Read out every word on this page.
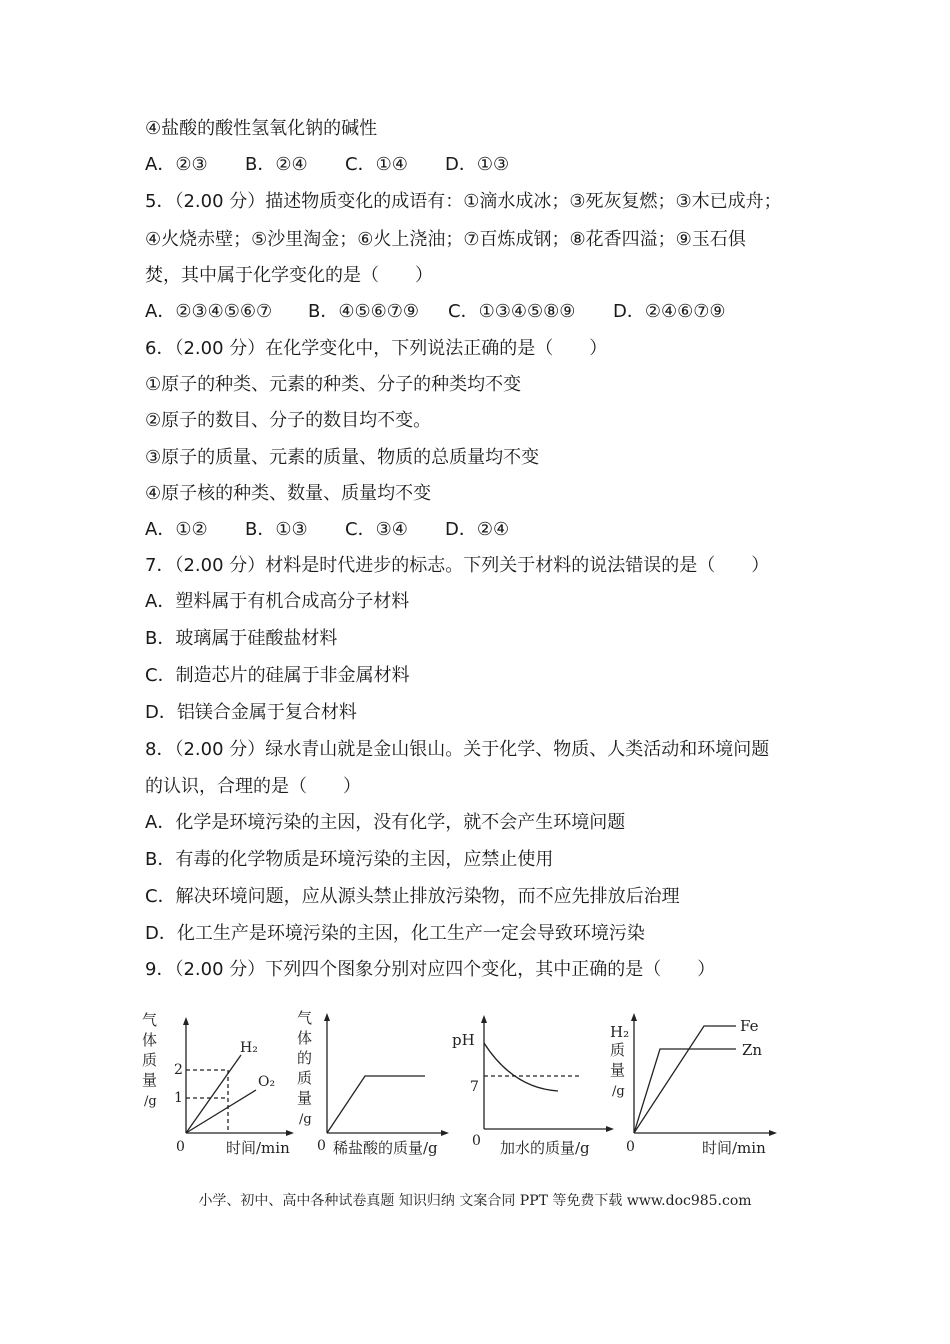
④盐酸的酸性氢氧化钠的碱性
A．②③ B．②④ C．①④ D．①③
5．（2.00 分）描述物质变化的成语有：①滴水成冰；③死灰复燃；③木已成舟；
④火烧赤壁；⑤沙里淘金；⑥火上浇油；⑦百炼成钢；⑧花香四溢；⑨玉石俱
焚，其中属于化学变化的是（　　）
A．②③④⑤⑥⑦ B．④⑤⑥⑦⑨ C．①③④⑤⑧⑨ D．②④⑥⑦⑨
6．（2.00 分）在化学变化中，下列说法正确的是（　　）
①原子的种类、元素的种类、分子的种类均不变
②原子的数目、分子的数目均不变。
③原子的质量、元素的质量、物质的总质量均不变
④原子核的种类、数量、质量均不变
A．①② B．①③ C．③④ D．②④
7．（2.00 分）材料是时代进步的标志。下列关于材料的说法错误的是（　　）
A．塑料属于有机合成高分子材料
B．玻璃属于硅酸盐材料
C．制造芯片的硅属于非金属材料
D．铝镁合金属于复合材料
8．（2.00 分）绿水青山就是金山银山。关于化学、物质、人类活动和环境问题
的认识，合理的是（　　）
A．化学是环境污染的主因，没有化学，就不会产生环境问题
B．有毒的化学物质是环境污染的主因，应禁止使用
C．解决环境问题，应从源头禁止排放污染物，而不应先排放后治理
D．化工生产是环境污染的主因，化工生产一定会导致环境污染
9．（2.00 分）下列四个图象分别对应四个变化，其中正确的是（　　）
气
体
质
量
/g
0	时间/min
2
1
H₂
O₂
气
体
的
质
量
/g
0 稀盐酸的质量/g
pH
0
7
加水的质量/g
H₂
质
量
/g
0	时间/min
Fe
Zn
小学、初中、高中各种试卷真题 知识归纳 文案合同 PPT 等免费下载 www.doc985.com
